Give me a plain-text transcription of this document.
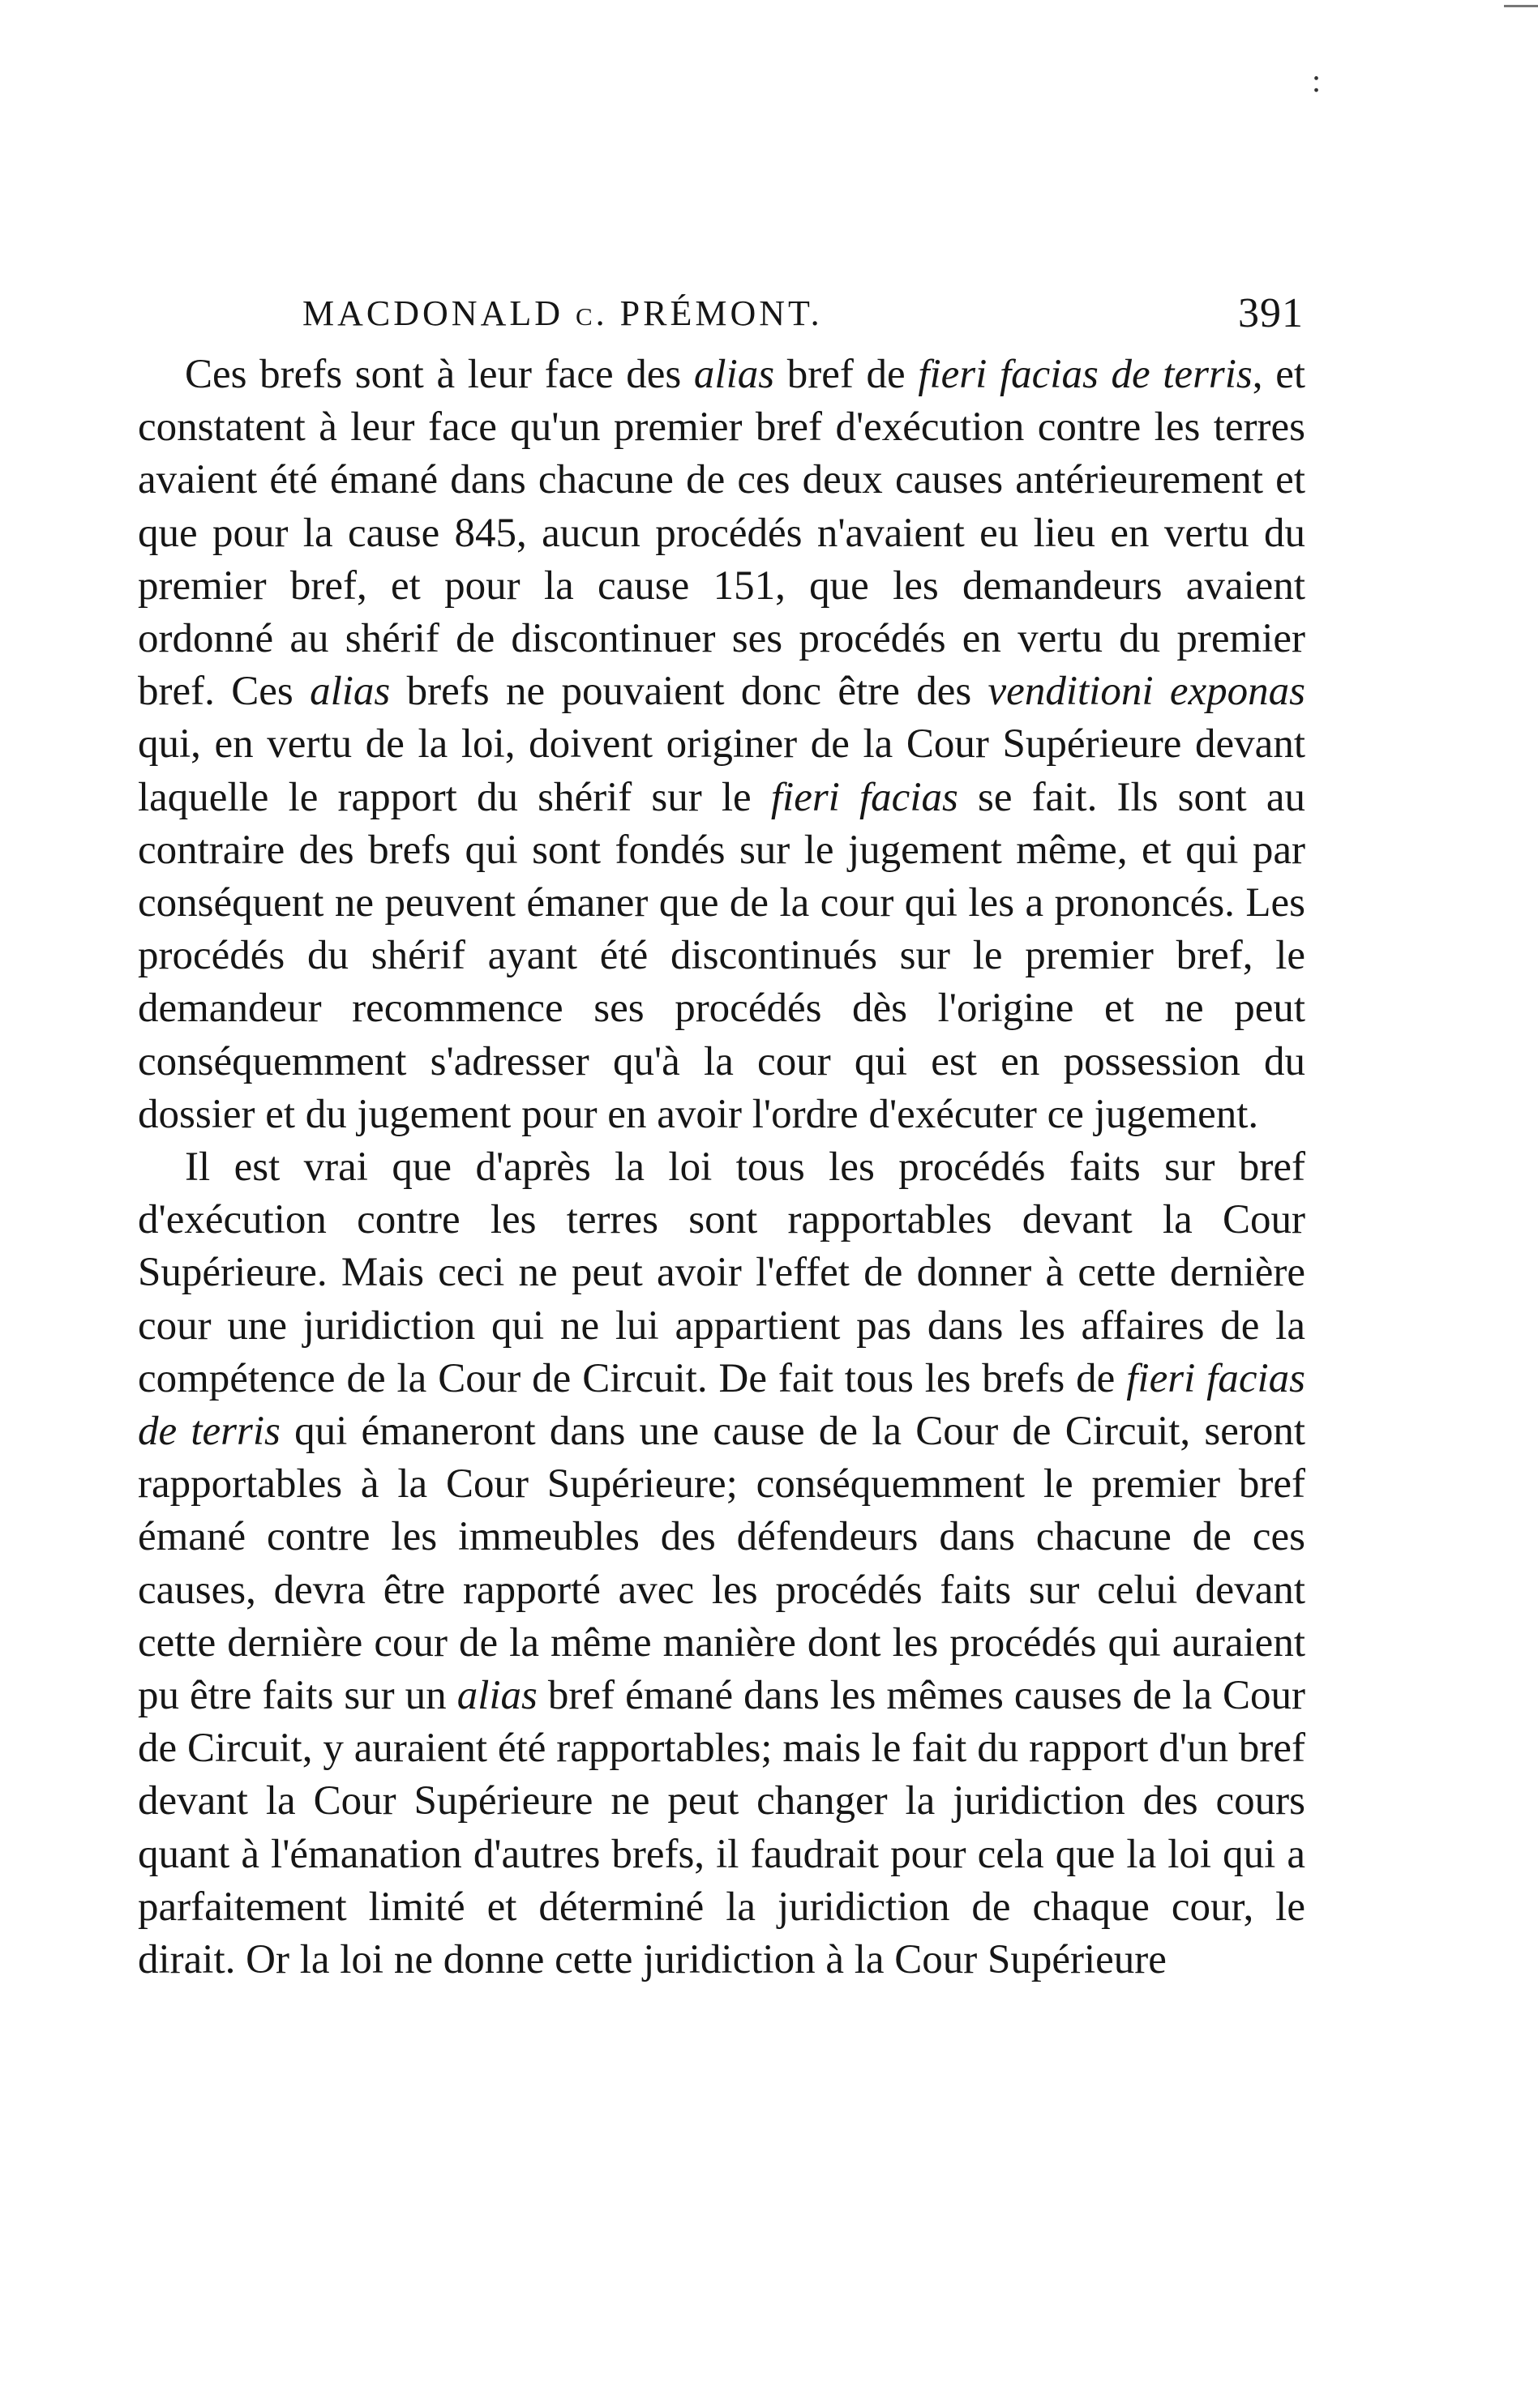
:
MACDONALD c. PRÉMONT.	391

Ces brefs sont à leur face des alias bref de fieri facias de terris, et constatent à leur face qu'un premier bref d'exécution contre les terres avaient été émané dans chacune de ces deux causes antérieurement et que pour la cause 845, aucun procédés n'avaient eu lieu en vertu du premier bref, et pour la cause 151, que les demandeurs avaient ordonné au shérif de discontinuer ses procédés en vertu du premier bref. Ces alias brefs ne pouvaient donc être des venditioni exponas qui, en vertu de la loi, doivent originer de la Cour Supérieure devant laquelle le rapport du shérif sur le fieri facias se fait. Ils sont au contraire des brefs qui sont fondés sur le jugement même, et qui par conséquent ne peuvent émaner que de la cour qui les a prononcés. Les procédés du shérif ayant été discontinués sur le premier bref, le demandeur recommence ses procédés dès l'origine et ne peut conséquemment s'adresser qu'à la cour qui est en possession du dossier et du jugement pour en avoir l'ordre d'exécuter ce jugement.

Il est vrai que d'après la loi tous les procédés faits sur bref d'exécution contre les terres sont rapportables devant la Cour Supérieure. Mais ceci ne peut avoir l'effet de donner à cette dernière cour une juridiction qui ne lui appartient pas dans les affaires de la compétence de la Cour de Circuit. De fait tous les brefs de fieri facias de terris qui émaneront dans une cause de la Cour de Circuit, seront rapportables à la Cour Supérieure; conséquemment le premier bref émané contre les immeubles des défendeurs dans chacune de ces causes, devra être rapporté avec les procédés faits sur celui devant cette dernière cour de la même manière dont les procédés qui auraient pu être faits sur un alias bref émané dans les mêmes causes de la Cour de Circuit, y auraient été rapportables; mais le fait du rapport d'un bref devant la Cour Supérieure ne peut changer la juridiction des cours quant à l'émanation d'autres brefs, il faudrait pour cela que la loi qui a parfaitement limité et déterminé la juridiction de chaque cour, le dirait. Or la loi ne donne cette juridiction à la Cour Supérieure
